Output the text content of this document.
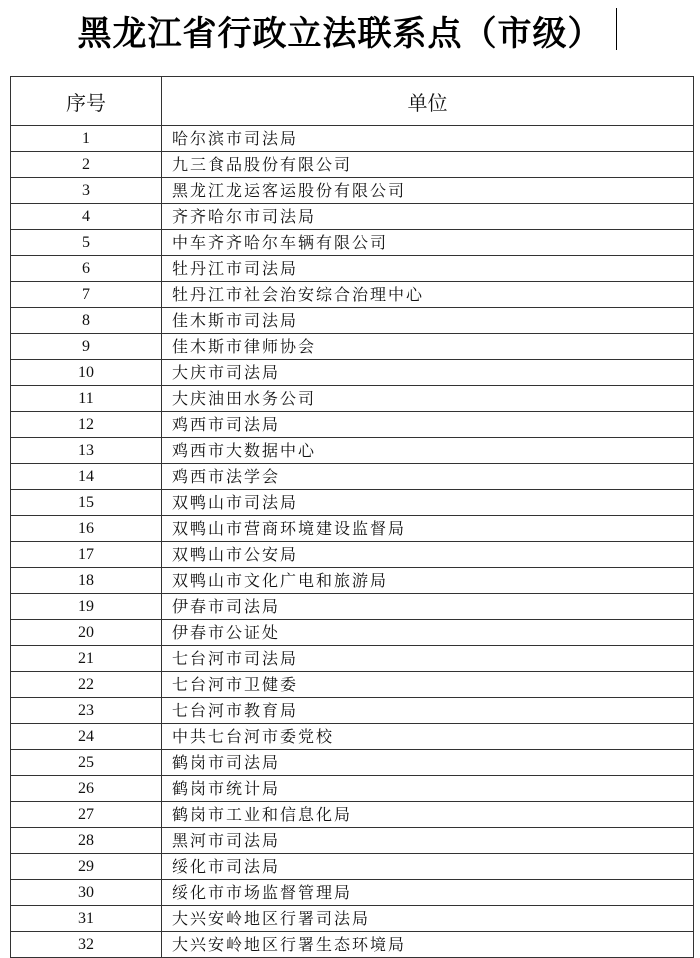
黑龙江省行政立法联系点（市级）
序号	单位
1	哈尔滨市司法局
2	九三食品股份有限公司
3	黑龙江龙运客运股份有限公司
4	齐齐哈尔市司法局
5	中车齐齐哈尔车辆有限公司
6	牡丹江市司法局
7	牡丹江市社会治安综合治理中心
8	佳木斯市司法局
9	佳木斯市律师协会
10	大庆市司法局
11	大庆油田水务公司
12	鸡西市司法局
13	鸡西市大数据中心
14	鸡西市法学会
15	双鸭山市司法局
16	双鸭山市营商环境建设监督局
17	双鸭山市公安局
18	双鸭山市文化广电和旅游局
19	伊春市司法局
20	伊春市公证处
21	七台河市司法局
22	七台河市卫健委
23	七台河市教育局
24	中共七台河市委党校
25	鹤岗市司法局
26	鹤岗市统计局
27	鹤岗市工业和信息化局
28	黑河市司法局
29	绥化市司法局
30	绥化市市场监督管理局
31	大兴安岭地区行署司法局
32	大兴安岭地区行署生态环境局
